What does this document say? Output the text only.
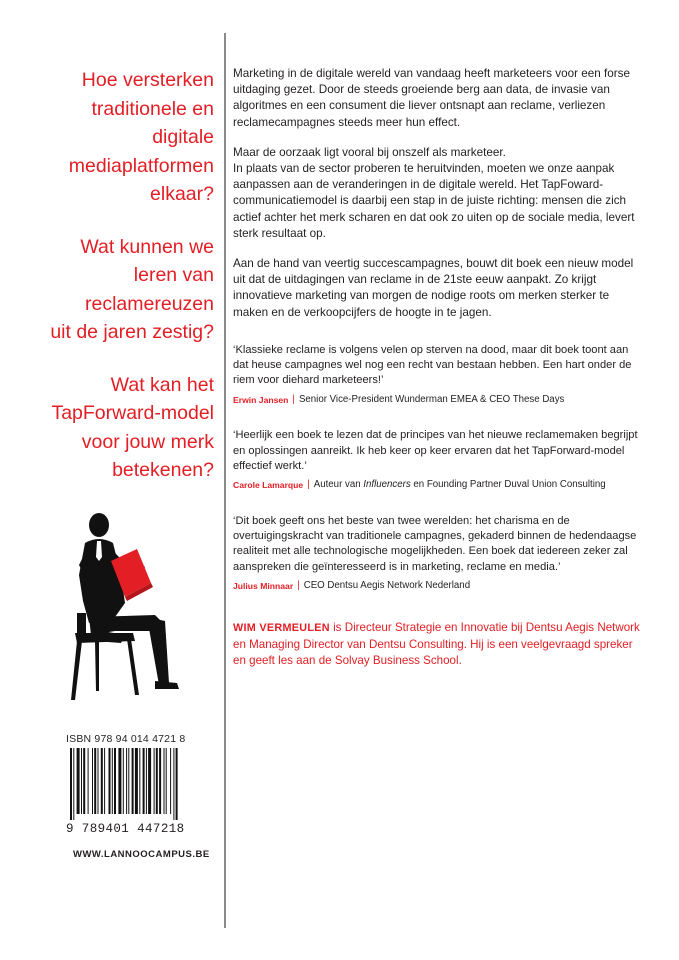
Hoe versterken
traditionele en
digitale
mediaplatformen
elkaar?
Wat kunnen we
leren van
reclamereuzen
uit de jaren zestig?
Wat kan het
TapForward-model
voor jouw merk
betekenen?
ISBN 978 94 014 4721 8
9 789401 447218
WWW.LANNOOCAMPUS.BE

Marketing in de digitale wereld van vandaag heeft marketeers voor een forse uitdaging gezet. Door de steeds groeiende berg aan data, de invasie van algoritmes en een consument die liever ontsnapt aan reclame, verliezen reclamecampagnes steeds meer hun effect.

Maar de oorzaak ligt vooral bij onszelf als marketeer.

In plaats van de sector proberen te heruitvinden, moeten we onze aanpak aanpassen aan de veranderingen in de digitale wereld. Het TapFoward-communicatiemodel is daarbij een stap in de juiste richting: mensen die zich actief achter het merk scharen en dat ook zo uiten op de sociale media, levert sterk resultaat op.

Aan de hand van veertig succescampagnes, bouwt dit boek een nieuw model uit dat de uitdagingen van reclame in de 21ste eeuw aanpakt. Zo krijgt innovatieve marketing van morgen de nodige roots om merken sterker te maken en de verkoopcijfers de hoogte in te jagen.

‘Klassieke reclame is volgens velen op sterven na dood, maar dit boek toont aan dat heuse campagnes wel nog een recht van bestaan hebben. Een hart onder de riem voor diehard marketeers!’

Erwin Jansen | Senior Vice-President Wunderman EMEA & CEO These Days

‘Heerlijk een boek te lezen dat de principes van het nieuwe reclamemaken begrijpt en oplossingen aanreikt. Ik heb keer op keer ervaren dat het TapForward-model effectief werkt.’

Carole Lamarque | Auteur van Influencers en Founding Partner Duval Union Consulting

‘Dit boek geeft ons het beste van twee werelden: het charisma en de overtuigingskracht van traditionele campagnes, gekaderd binnen de hedendaagse realiteit met alle technologische mogelijkheden. Een boek dat iedereen zeker zal aanspreken die geïnteresseerd is in marketing, reclame en media.’

Julius Minnaar | CEO Dentsu Aegis Network Nederland
WIM VERMEULEN is Directeur Strategie en Innovatie bij Dentsu Aegis Network en Managing Director van Dentsu Consulting. Hij is een veelgevraagd spreker en geeft les aan de Solvay Business School.
